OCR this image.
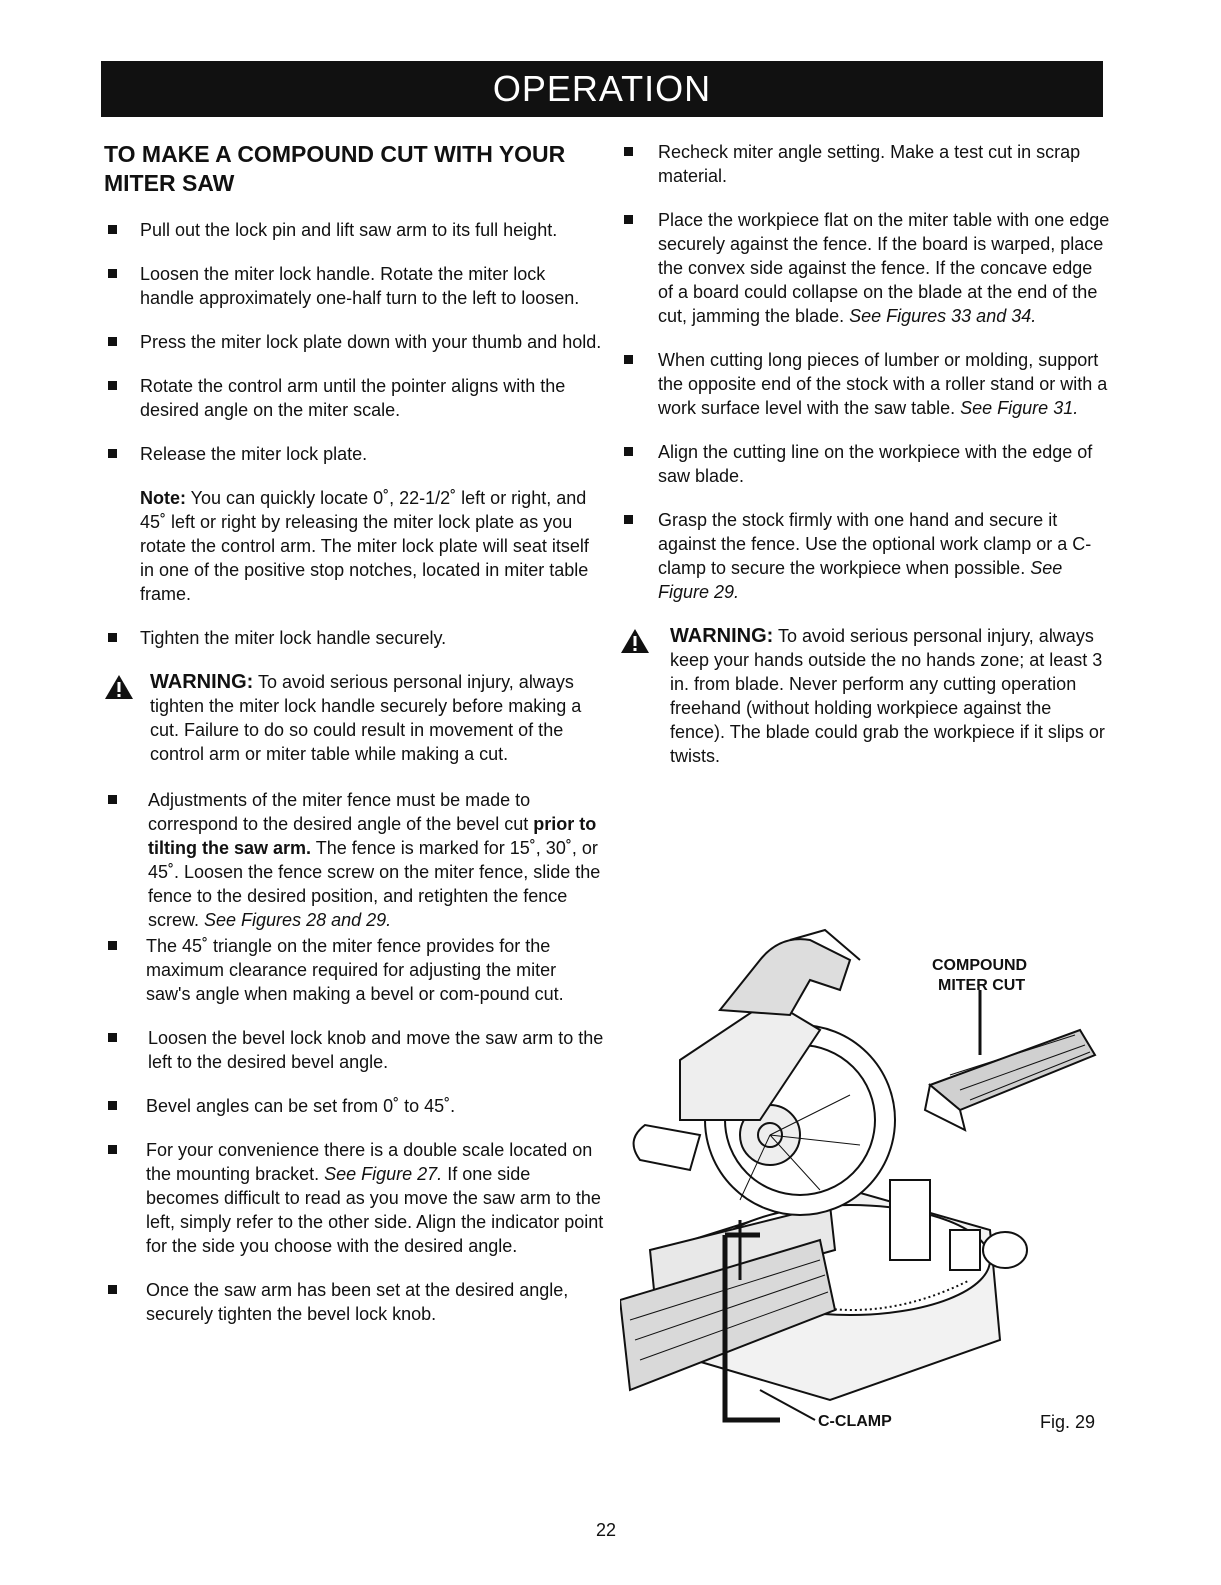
OPERATION
TO MAKE A COMPOUND CUT WITH YOUR MITER SAW
Pull out the lock pin and lift saw arm to its full height.
Loosen the miter lock handle. Rotate the miter lock handle approximately one-half turn to the left to loosen.
Press the miter lock plate down with your thumb and hold.
Rotate the control arm until the pointer aligns with the desired angle on the miter scale.
Release the miter lock plate.
Note: You can quickly locate 0˚, 22-1/2˚ left or right, and 45˚ left or right by releasing the miter lock plate as you rotate the control arm. The miter lock plate will seat itself in one of the positive stop notches, located in miter table frame.
Tighten the miter lock handle securely.
WARNING: To avoid serious personal injury, always tighten the miter lock handle securely before making a cut. Failure to do so could result in movement of the control arm or miter table while making a cut.
Adjustments of the miter fence must be made to correspond to the desired angle of the bevel cut prior to tilting the saw arm. The fence is marked for 15˚, 30˚, or 45˚. Loosen the fence screw on the miter fence, slide the fence to the desired position, and retighten the fence screw. See Figures 28 and 29.
The 45˚ triangle on the miter fence provides for the maximum clearance required for adjusting the miter saw's angle when making a bevel or com-pound cut.
Loosen the bevel lock knob and move the saw arm to the left to the desired bevel angle.
Bevel angles can be set from 0˚ to 45˚.
For your convenience there is a double scale located on the mounting bracket. See Figure 27. If one side becomes difficult to read as you move the saw arm to the left, simply refer to the other side. Align the indicator point for the side you choose with the desired angle.
Once the saw arm has been set at the desired angle, securely tighten the bevel lock knob.
Recheck miter angle setting. Make a test cut in scrap material.
Place the workpiece flat on the miter table with one edge securely against the fence. If the board is warped, place the convex side against the fence. If the concave edge of a board could collapse on the blade at the end of the cut, jamming the blade. See Figures 33 and 34.
When cutting long pieces of lumber or molding, support the opposite end of the stock with a roller stand or with a work surface level with the saw table. See Figure 31.
Align the cutting line on the workpiece with the edge of saw blade.
Grasp the stock firmly with one hand and secure it against the fence. Use the optional work clamp or a C-clamp to secure the workpiece when possible. See Figure 29.
WARNING: To avoid serious personal injury, always keep your hands outside the no hands zone; at least 3 in. from blade. Never perform any cutting operation freehand (without holding workpiece against the fence). The blade could grab the workpiece if it slips or twists.
COMPOUND
MITER CUT
C-CLAMP	Fig. 29
22
